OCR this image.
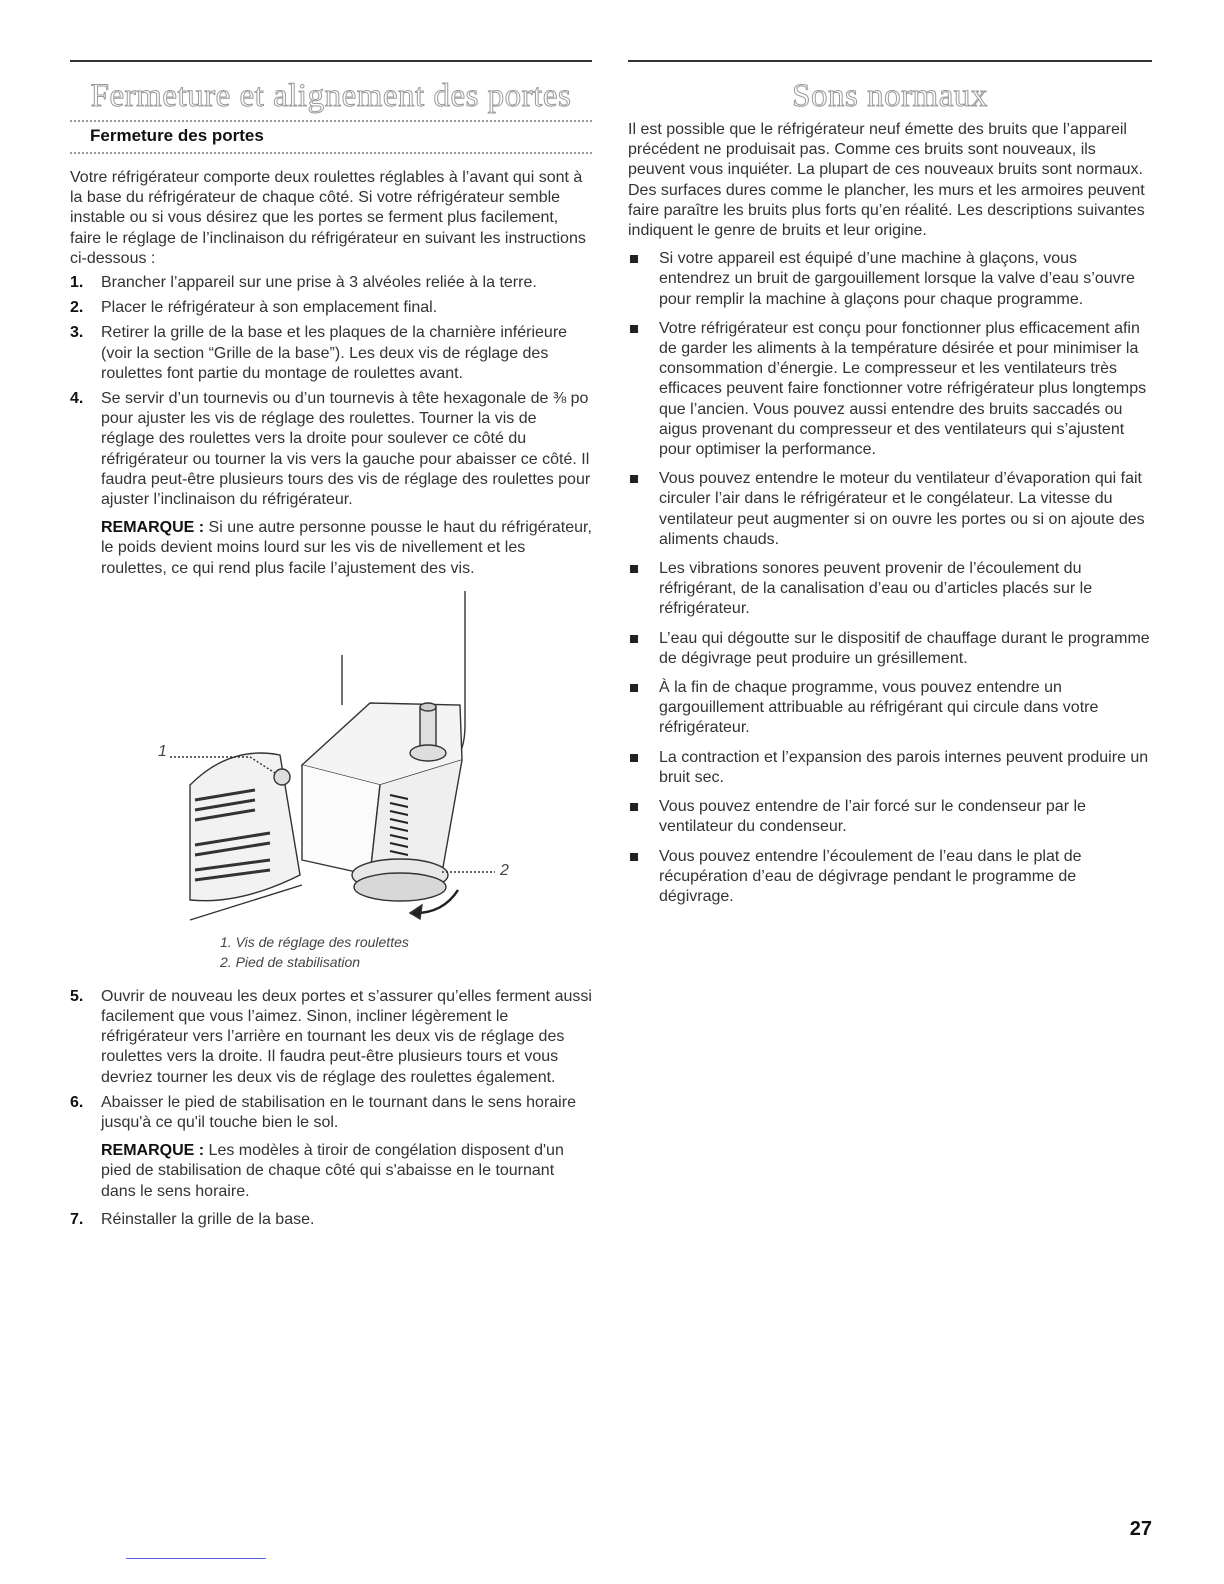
Fermeture et alignement des portes
Fermeture des portes

Votre réfrigérateur comporte deux roulettes réglables à l’avant qui sont à la base du réfrigérateur de chaque côté. Si votre réfrigérateur semble instable ou si vous désirez que les portes se ferment plus facilement, faire le réglage de l’inclinaison du réfrigérateur en suivant les instructions ci-dessous :

1. Brancher l’appareil sur une prise à 3 alvéoles reliée à la terre.
2. Placer le réfrigérateur à son emplacement final.
3. Retirer la grille de la base et les plaques de la charnière inférieure (voir la section “Grille de la base”). Les deux vis de réglage des roulettes font partie du montage de roulettes avant.
4. Se servir d’un tournevis ou d’un tournevis à tête hexagonale de ⅜ po pour ajuster les vis de réglage des roulettes. Tourner la vis de réglage des roulettes vers la droite pour soulever ce côté du réfrigérateur ou tourner la vis vers la gauche pour abaisser ce côté. Il faudra peut-être plusieurs tours des vis de réglage des roulettes pour ajuster l’inclinaison du réfrigérateur.

REMARQUE : Si une autre personne pousse le haut du réfrigérateur, le poids devient moins lourd sur les vis de nivellement et les roulettes, ce qui rend plus facile l’ajustement des vis.

1
2
1. Vis de réglage des roulettes
2. Pied de stabilisation
5. Ouvrir de nouveau les deux portes et s’assurer qu’elles ferment aussi facilement que vous l’aimez. Sinon, incliner légèrement le réfrigérateur vers l’arrière en tournant les deux vis de réglage des roulettes vers la droite. Il faudra peut-être plusieurs tours et vous devriez tourner les deux vis de réglage des roulettes également.
6. Abaisser le pied de stabilisation en le tournant dans le sens horaire jusqu'à ce qu'il touche bien le sol.

REMARQUE : Les modèles à tiroir de congélation disposent d'un pied de stabilisation de chaque côté qui s'abaisse en le tournant dans le sens horaire.

7. Réinstaller la grille de la base.
Sons normaux

Il est possible que le réfrigérateur neuf émette des bruits que l’appareil précédent ne produisait pas. Comme ces bruits sont nouveaux, ils peuvent vous inquiéter. La plupart de ces nouveaux bruits sont normaux. Des surfaces dures comme le plancher, les murs et les armoires peuvent faire paraître les bruits plus forts qu’en réalité. Les descriptions suivantes indiquent le genre de bruits et leur origine.

Si votre appareil est équipé d’une machine à glaçons, vous entendrez un bruit de gargouillement lorsque la valve d’eau s’ouvre pour remplir la machine à glaçons pour chaque programme.
Votre réfrigérateur est conçu pour fonctionner plus efficacement afin de garder les aliments à la température désirée et pour minimiser la consommation d’énergie. Le compresseur et les ventilateurs très efficaces peuvent faire fonctionner votre réfrigérateur plus longtemps que l’ancien. Vous pouvez aussi entendre des bruits saccadés ou aigus provenant du compresseur et des ventilateurs qui s’ajustent pour optimiser la performance.
Vous pouvez entendre le moteur du ventilateur d’évaporation qui fait circuler l’air dans le réfrigérateur et le congélateur. La vitesse du ventilateur peut augmenter si on ouvre les portes ou si on ajoute des aliments chauds.
Les vibrations sonores peuvent provenir de l’écoulement du réfrigérant, de la canalisation d’eau ou d’articles placés sur le réfrigérateur.
L’eau qui dégoutte sur le dispositif de chauffage durant le programme de dégivrage peut produire un grésillement.
À la fin de chaque programme, vous pouvez entendre un gargouillement attribuable au réfrigérant qui circule dans votre réfrigérateur.
La contraction et l’expansion des parois internes peuvent produire un bruit sec.
Vous pouvez entendre de l’air forcé sur le condenseur par le ventilateur du condenseur.
Vous pouvez entendre l’écoulement de l’eau dans le plat de récupération d’eau de dégivrage pendant le programme de dégivrage.
27
